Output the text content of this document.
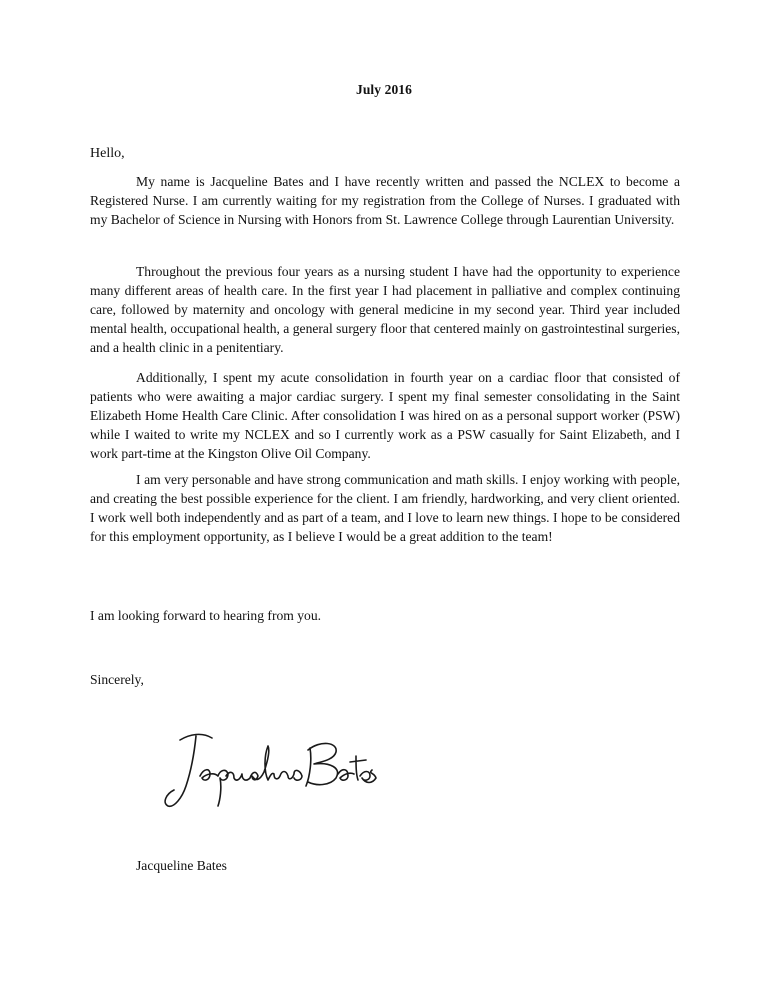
July 2016
Hello,

My name is Jacqueline Bates and I have recently written and passed the NCLEX to become a Registered Nurse. I am currently waiting for my registration from the College of Nurses. I graduated with my Bachelor of Science in Nursing with Honors from St. Lawrence College through Laurentian University.

Throughout the previous four years as a nursing student I have had the opportunity to experience many different areas of health care. In the first year I had placement in palliative and complex continuing care, followed by maternity and oncology with general medicine in my second year. Third year included mental health, occupational health, a general surgery floor that centered mainly on gastrointestinal surgeries, and a health clinic in a penitentiary.

Additionally, I spent my acute consolidation in fourth year on a cardiac floor that consisted of patients who were awaiting a major cardiac surgery. I spent my final semester consolidating in the Saint Elizabeth Home Health Care Clinic. After consolidation I was hired on as a personal support worker (PSW) while I waited to write my NCLEX and so I currently work as a PSW casually for Saint Elizabeth, and I work part-time at the Kingston Olive Oil Company.

I am very personable and have strong communication and math skills. I enjoy working with people, and creating the best possible experience for the client. I am friendly, hardworking, and very client oriented. I work well both independently and as part of a team, and I love to learn new things. I hope to be considered for this employment opportunity, as I believe I would be a great addition to the team!

I am looking forward to hearing from you.
Sincerely,
Jacqueline Bates
